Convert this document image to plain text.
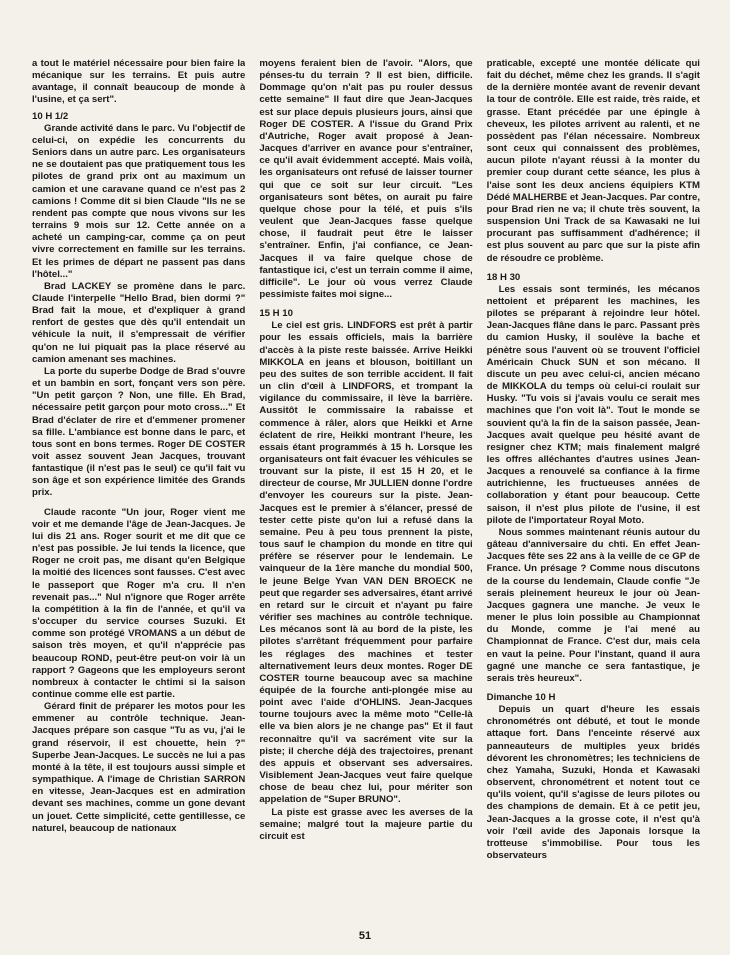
a tout le matériel nécessaire pour bien faire la mécanique sur les terrains. Et puis autre avantage, il connaît beaucoup de monde à l'usine, et ça sert".

10 H 1/2

Grande activité dans le parc. Vu l'objectif de celui-ci, on expédie les concurrents du Seniors dans un autre parc. Les organisateurs ne se doutaient pas que pratiquement tous les pilotes de grand prix ont au maximum un camion et une caravane quand ce n'est pas 2 camions ! Comme dit si bien Claude "Ils ne se rendent pas compte que nous vivons sur les terrains 9 mois sur 12. Cette année on a acheté un camping-car, comme ça on peut vivre correctement en famille sur les terrains. Et les primes de départ ne passent pas dans l'hôtel..."

Brad LACKEY se promène dans le parc. Claude l'interpelle "Hello Brad, bien dormi ?" Brad fait la moue, et d'expliquer à grand renfort de gestes que dès qu'il entendait un véhicule la nuit, il s'empressait de vérifier qu'on ne lui piquait pas la place réservé au camion amenant ses machines.

La porte du superbe Dodge de Brad s'ouvre et un bambin en sort, fonçant vers son père. "Un petit garçon ? Non, une fille. Eh Brad, nécessaire petit garçon pour moto cross..." Et Brad d'éclater de rire et d'emmener promener sa fille. L'ambiance est bonne dans le parc, et tous sont en bons termes. Roger DE COSTER voit assez souvent Jean Jacques, trouvant fantastique (il n'est pas le seul) ce qu'il fait vu son âge et son expérience limitée des Grands prix.

Claude raconte "Un jour, Roger vient me voir et me demande l'âge de Jean-Jacques. Je lui dis 21 ans. Roger sourit et me dit que ce n'est pas possible. Je lui tends la licence, que Roger ne croit pas, me disant qu'en Belgique la moitié des licences sont fausses. C'est avec le passeport que Roger m'a cru. Il n'en revenait pas..." Nul n'ignore que Roger arrête la compétition à la fin de l'année, et qu'il va s'occuper du service courses Suzuki. Et comme son protégé VROMANS a un début de saison très moyen, et qu'il n'apprécie pas beaucoup ROND, peut-être peut-on voir là un rapport ? Gageons que les employeurs seront nombreux à contacter le chtimi si la saison continue comme elle est partie.

Gérard finit de préparer les motos pour les emmener au contrôle technique. Jean-Jacques prépare son casque "Tu as vu, j'ai le grand réservoir, il est chouette, hein ?" Superbe Jean-Jacques. Le succès ne lui a pas monté à la tête, il est toujours aussi simple et sympathique. A l'image de Christian SARRON en vitesse, Jean-Jacques est en admiration devant ses machines, comme un gone devant un jouet. Cette simplicité, cette gentillesse, ce naturel, beaucoup de nationaux

moyens feraient bien de l'avoir. "Alors, que pénses-tu du terrain ? Il est bien, difficile. Dommage qu'on n'ait pas pu rouler dessus cette semaine" Il faut dire que Jean-Jacques est sur place depuis plusieurs jours, ainsi que Roger DE COSTER. A l'issue du Grand Prix d'Autriche, Roger avait proposé à Jean-Jacques d'arriver en avance pour s'entraîner, ce qu'il avait évidemment accepté. Mais voilà, les organisateurs ont refusé de laisser tourner qui que ce soit sur leur circuit. "Les organisateurs sont bêtes, on aurait pu faire quelque chose pour la télé, et puis s'ils veulent que Jean-Jacques fasse quelque chose, il faudrait peut être le laisser s'entraîner. Enfin, j'ai confiance, ce Jean-Jacques il va faire quelque chose de fantastique ici, c'est un terrain comme il aime, difficile". Le jour où vous verrez Claude pessimiste faites moi signe...

15 H 10

Le ciel est gris. LINDFORS est prêt à partir pour les essais officiels, mais la barrière d'accès à la piste reste baissée. Arrive Heikki MIKKOLA en jeans et blouson, boitillant un peu des suites de son terrible accident. Il fait un clin d'œil à LINDFORS, et trompant la vigilance du commissaire, il lève la barrière. Aussitôt le commissaire la rabaisse et commence à râler, alors que Heikki et Arne éclatent de rire, Heikki montrant l'heure, les essais étant programmés à 15 h. Lorsque les organisateurs ont fait évacuer les véhicules se trouvant sur la piste, il est 15 H 20, et le directeur de course, Mr JULLIEN donne l'ordre d'envoyer les coureurs sur la piste. Jean-Jacques est le premier à s'élancer, pressé de tester cette piste qu'on lui a refusé dans la semaine. Peu à peu tous prennent la piste, tous sauf le champion du monde en titre qui préfère se réserver pour le lendemain. Le vainqueur de la 1ère manche du mondial 500, le jeune Belge Yvan VAN DEN BROECK ne peut que regarder ses adversaires, étant arrivé en retard sur le circuit et n'ayant pu faire vérifier ses machines au contrôle technique. Les mécanos sont là au bord de la piste, les pilotes s'arrêtant fréquemment pour parfaire les réglages des machines et tester alternativement leurs deux montes. Roger DE COSTER tourne beaucoup avec sa machine équipée de la fourche anti-plongée mise au point avec l'aide d'OHLINS. Jean-Jacques tourne toujours avec la même moto "Celle-là elle va bien alors je ne change pas" Et il faut reconnaître qu'il va sacrément vite sur la piste; il cherche déjà des trajectoires, prenant des appuis et observant ses adversaires. Visiblement Jean-Jacques veut faire quelque chose de beau chez lui, pour mériter son appelation de "Super BRUNO".

La piste est grasse avec les averses de la semaine; malgré tout la majeure partie du circuit est

praticable, excepté une montée délicate qui fait du déchet, même chez les grands. Il s'agit de la dernière montée avant de revenir devant la tour de contrôle. Elle est raide, très raide, et grasse. Etant précédée par une épingle à cheveux, les pilotes arrivent au ralenti, et ne possèdent pas l'élan nécessaire. Nombreux sont ceux qui connaissent des problèmes, aucun pilote n'ayant réussi à la monter du premier coup durant cette séance, les plus à l'aise sont les deux anciens équipiers KTM Dédé MALHERBE et Jean-Jacques. Par contre, pour Brad rien ne va; il chute très souvent, la suspension Uni Track de sa Kawasaki ne lui procurant pas suffisamment d'adhérence; il est plus souvent au parc que sur la piste afin de résoudre ce problème.

18 H 30

Les essais sont terminés, les mécanos nettoient et préparent les machines, les pilotes se préparant à rejoindre leur hôtel. Jean-Jacques flâne dans le parc. Passant près du camion Husky, il soulève la bache et pénètre sous l'auvent où se trouvent l'officiel Américain Chuck SUN et son mécano. Il discute un peu avec celui-ci, ancien mécano de MIKKOLA du temps où celui-ci roulait sur Husky. "Tu vois si j'avais voulu ce serait mes machines que l'on voit là". Tout le monde se souvient qu'à la fin de la saison passée, Jean-Jacques avait quelque peu hésité avant de resigner chez KTM; mais finalement malgré les offres alléchantes d'autres usines Jean-Jacques a renouvelé sa confiance à la firme autrichienne, les fructueuses années de collaboration y étant pour beaucoup. Cette saison, il n'est plus pilote de l'usine, il est pilote de l'importateur Royal Moto.

Nous sommes maintenant réunis autour du gâteau d'anniversaire du chti. En effet Jean-Jacques fête ses 22 ans à la veille de ce GP de France. Un présage ? Comme nous discutons de la course du lendemain, Claude confie "Je serais pleinement heureux le jour où Jean-Jacques gagnera une manche. Je veux le mener le plus loin possible au Championnat du Monde, comme je l'ai mené au Championnat de France. C'est dur, mais cela en vaut la peine. Pour l'instant, quand il aura gagné une manche ce sera fantastique, je serais très heureux".

Dimanche 10 H

Depuis un quart d'heure les essais chronométrés ont débuté, et tout le monde attaque fort. Dans l'enceinte réservé aux panneauteurs de multiples yeux bridés dévorent les chronomètres; les techniciens de chez Yamaha, Suzuki, Honda et Kawasaki observent, chronométrent et notent tout ce qu'ils voient, qu'il s'agisse de leurs pilotes ou des champions de demain. Et à ce petit jeu, Jean-Jacques a la grosse cote, il n'est qu'à voir l'œil avide des Japonais lorsque la trotteuse s'immobilise. Pour tous les observateurs

51
